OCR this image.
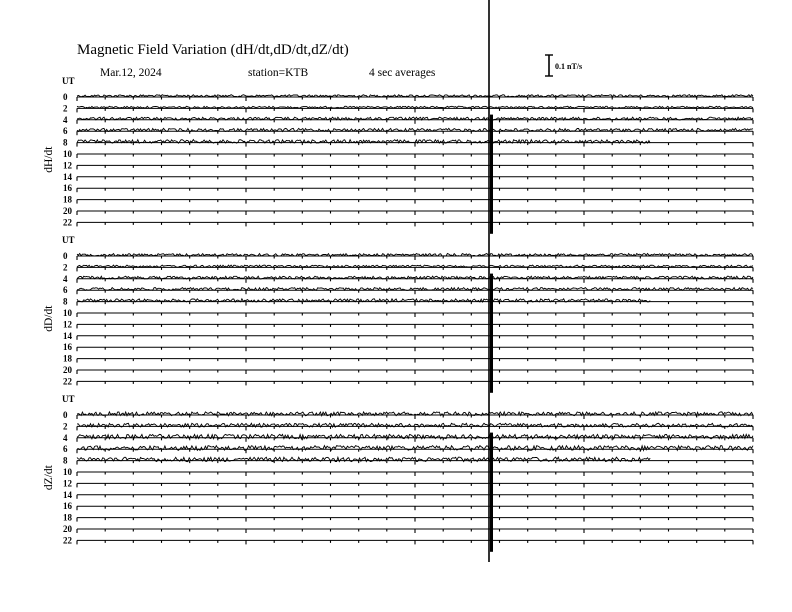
Magnetic Field Variation (dH/dt,dD/dt,dZ/dt)
Mar.12, 2024	station=KTB	4 sec averages
0.1 nT/s
UT
dH/dt
0
2
4
6
8
10
12
14
16
18
20
22
UT
dD/dt
0
2
4
6
8
10
12
14
16
18
20
22
UT
dZ/dt
0
2
4
6
8
10
12
14
16
18
20
22
